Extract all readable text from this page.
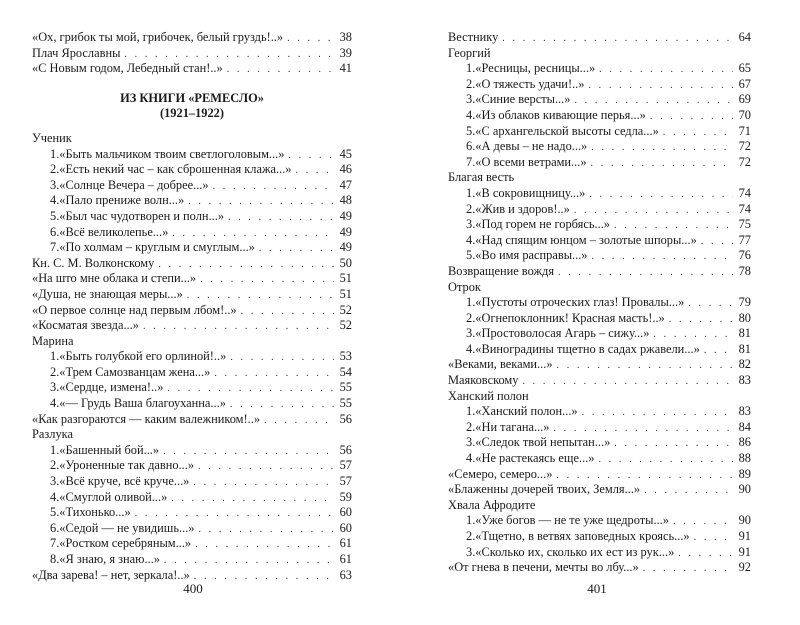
«Ох, грибок ты мой, грибочек, белый груздь!..» . . .	38
Плач Ярославны . . .	39
«С Новым годом, Лебедный стан!..» . . .	41
ИЗ КНИГИ «РЕМЕСЛО»
(1921–1922)
Ученик
1. «Быть мальчиком твоим светлоголовым...» . . .	45
2. «Есть некий час – как сброшенная клажа...» . . .	46
3. «Солнце Вечера – добрее...» . . .	47
4. «Пало прениже волн...» . . .	48
5. «Был час чудотворен и полн...» . . .	49
6. «Всё великолепье...» . . .	49
7. «По холмам – круглым и смуглым...» . . .	49
Кн. С. М. Волконскому . . .	50
«На што мне облака и степи...» . . .	51
«Душа, не знающая меры...» . . .	51
«О первое солнце над первым лбом!..» . . .	52
«Косматая звезда...» . . .	52
Марина
1. «Быть голубкой его орлиной!..» . . .	53
2. «Трем Самозванцам жена...» . . .	54
3. «Сердце, измена!..» . . .	55
4. «— Грудь Ваша благоуханна...» . . .	55
«Как разгораются — каким валежником!..» . . .	56
Разлука
1. «Башенный бой...» . . .	56
2. «Уроненные так давно...» . . .	57
3. «Всё круче, всё круче...» . . .	57
4. «Смуглой оливой...» . . .	59
5. «Тихонько...» . . .	60
6. «Седой — не увидишь...» . . .	60
7. «Ростком серебряным...» . . .	61
8. «Я знаю, я знаю...» . . .	61
«Два зарева! – нет, зеркала!..» . . .	63
Вестнику . . .	64
Георгий
1. «Ресницы, ресницы...» . . .	65
2. «О тяжесть удачи!..» . . .	67
3. «Синие версты...» . . .	69
4. «Из облаков кивающие перья...» . . .	70
5. «С архангельской высоты седла...» . . .	71
6. «А девы – не надо...» . . .	72
7. «О всеми ветрами...» . . .	72
Благая весть
1. «В сокровищницу...» . . .	74
2. «Жив и здоров!..» . . .	74
3. «Под горем не горбясь...» . . .	75
4. «Над спящим юнцом – золотые шпоры...» . . .	77
5. «Во имя расправы...» . . .	76
Возвращение вождя . . .	78
Отрок
1. «Пустоты отроческих глаз! Провалы...» . . .	79
2. «Огнепоклонник! Красная масть!..» . . .	80
3. «Простоволосая Агарь – сижу...» . . .	81
4. «Виноградины тщетно в садах ржавели...» . . .	81
«Веками, веками...» . . .	82
Маяковскому . . .	83
Ханский полон
1. «Ханский полон...» . . .	83
2. «Ни тагана...» . . .	84
3. «Следок твой непытан...» . . .	86
4. «Не растекаясь еще...» . . .	88
«Семеро, семеро...» . . .	89
«Блаженны дочерей твоих, Земля...» . . .	90
Хвала Афродите
1. «Уже богов — не те уже щедроты...» . . .	90
2. «Тщетно, в ветвях заповедных кроясь...» . . .	91
3. «Сколько их, сколько их ест из рук...» . . .	91
«От гнева в печени, мечты во лбу...» . . .	92
400	401
